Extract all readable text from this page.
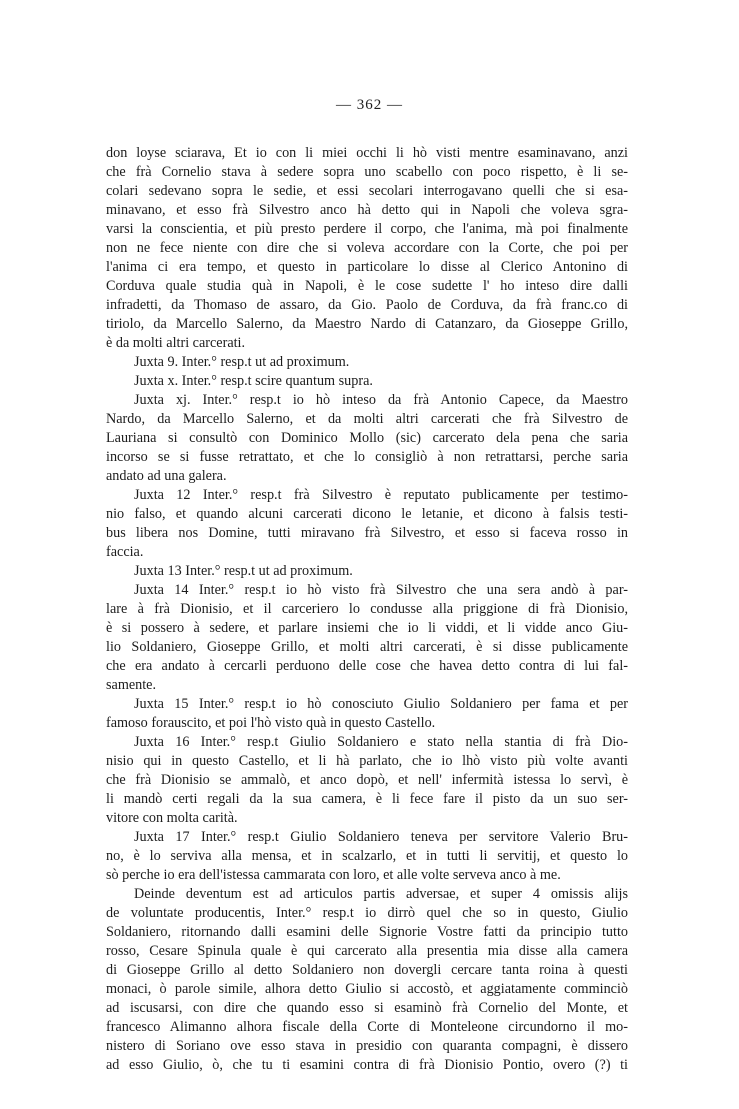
— 362 —
don loyse sciarava, Et io con li miei occhi li hò visti mentre esaminavano, anzi
che frà Cornelio stava à sedere sopra uno scabello con poco rispetto, è li se-
colari sedevano sopra le sedie, et essi secolari interrogavano quelli che si esa-
minavano, et esso frà Silvestro anco hà detto qui in Napoli che voleva sgra-
varsi la conscientia, et più presto perdere il corpo, che l'anima, mà poi finalmente
non ne fece niente con dire che si voleva accordare con la Corte, che poi per
l'anima ci era tempo, et questo in particolare lo disse al Clerico Antonino di
Corduva quale studia quà in Napoli, è le cose sudette l' ho inteso dire dalli
infradetti, da Thomaso de assaro, da Gio. Paolo de Corduva, da frà franc.co di
tiriolo, da Marcello Salerno, da Maestro Nardo di Catanzaro, da Gioseppe Grillo,
è da molti altri carcerati.
Juxta 9. Inter.° resp.t ut ad proximum.
Juxta x. Inter.° resp.t scire quantum supra.
Juxta xj. Inter.° resp.t io hò inteso da frà Antonio Capece, da Maestro
Nardo, da Marcello Salerno, et da molti altri carcerati che frà Silvestro de
Lauriana si consultò con Dominico Mollo (sic) carcerato dela pena che saria
incorso se si fusse retrattato, et che lo consigliò à non retrattarsi, perche saria
andato ad una galera.
Juxta 12 Inter.° resp.t frà Silvestro è reputato publicamente per testimo-
nio falso, et quando alcuni carcerati dicono le letanie, et dicono à falsis testi-
bus libera nos Domine, tutti miravano frà Silvestro, et esso si faceva rosso in
faccia.
Juxta 13 Inter.° resp.t ut ad proximum.
Juxta 14 Inter.° resp.t io hò visto frà Silvestro che una sera andò à par-
lare à frà Dionisio, et il carceriero lo condusse alla priggione di frà Dionisio,
è si possero à sedere, et parlare insiemi che io li viddi, et li vidde anco Giu-
lio Soldaniero, Gioseppe Grillo, et molti altri carcerati, è si disse publicamente
che era andato à cercarli perduono delle cose che havea detto contra di lui fal-
samente.
Juxta 15 Inter.° resp.t io hò conosciuto Giulio Soldaniero per fama et per
famoso forauscito, et poi l'hò visto quà in questo Castello.
Juxta 16 Inter.° resp.t Giulio Soldaniero e stato nella stantia di frà Dio-
nisio qui in questo Castello, et li hà parlato, che io lhò visto più volte avanti
che frà Dionisio se ammalò, et anco dopò, et nell' infermità istessa lo servì, è
li mandò certi regali da la sua camera, è li fece fare il pisto da un suo ser-
vitore con molta carità.
Juxta 17 Inter.° resp.t Giulio Soldaniero teneva per servitore Valerio Bru-
no, è lo serviva alla mensa, et in scalzarlo, et in tutti li servitij, et questo lo
sò perche io era dell'istessa cammarata con loro, et alle volte serveva anco à me.
Deinde deventum est ad articulos partis adversae, et super 4 omissis alijs
de voluntate producentis, Inter.° resp.t io dirrò quel che so in questo, Giulio
Soldaniero, ritornando dalli esamini delle Signorie Vostre fatti da principio tutto
rosso, Cesare Spinula quale è qui carcerato alla presentia mia disse alla camera
di Gioseppe Grillo al detto Soldaniero non dovergli cercare tanta roina à questi
monaci, ò parole simile, alhora detto Giulio si accostò, et aggiatamente comminciò
ad iscusarsi, con dire che quando esso si esaminò frà Cornelio del Monte, et
francesco Alimanno alhora fiscale della Corte di Monteleone circundorno il mo-
nistero di Soriano ove esso stava in presidio con quaranta compagni, è dissero
ad esso Giulio, ò, che tu ti esamini contra di frà Dionisio Pontio, overo (?) ti
